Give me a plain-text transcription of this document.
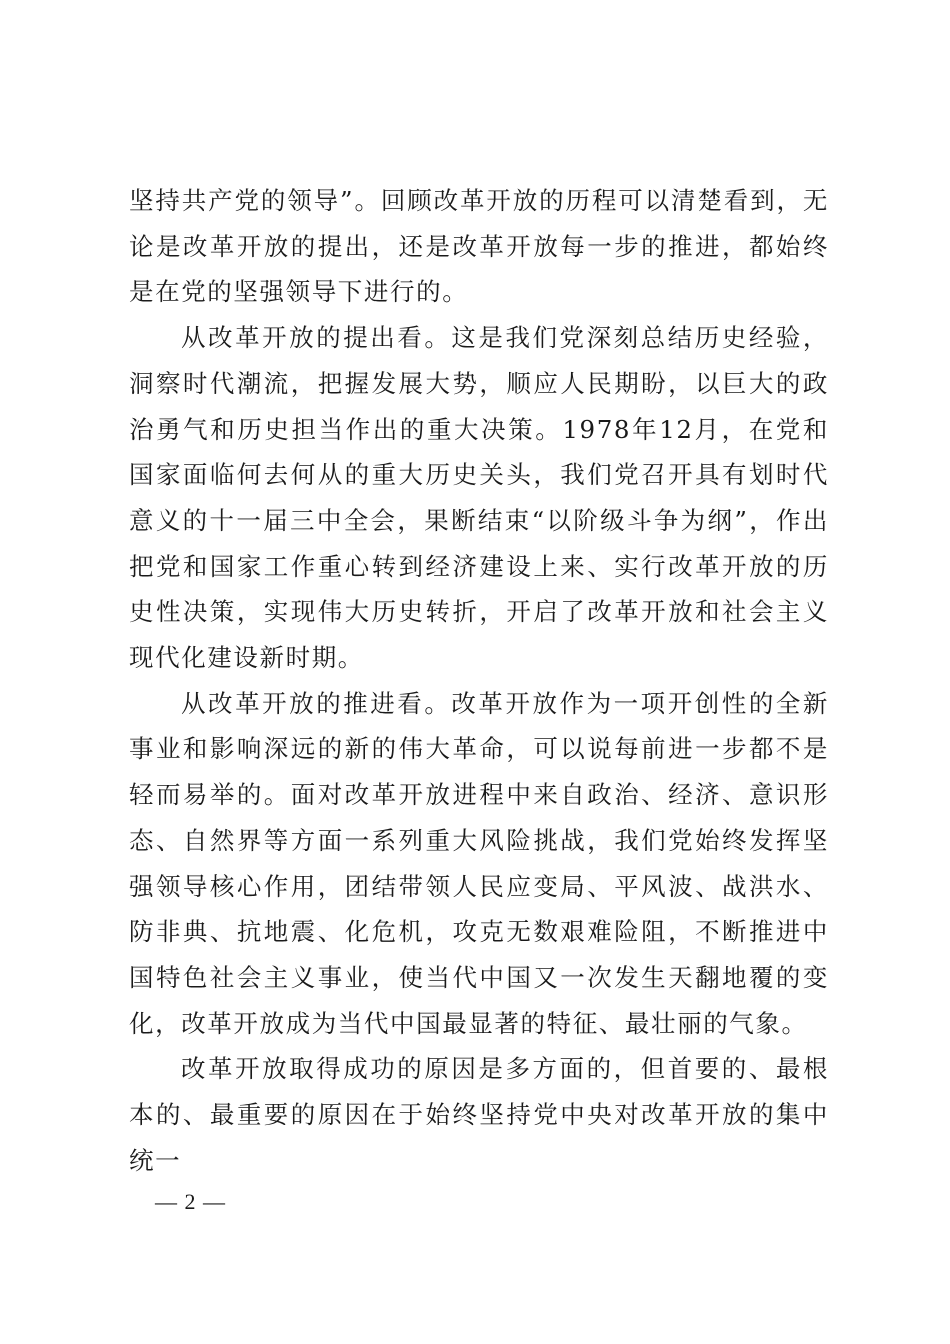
坚持共产党的领导”。回顾改革开放的历程可以清楚看到，无论是改革开放的提出，还是改革开放每一步的推进，都始终是在党的坚强领导下进行的。

从改革开放的提出看。这是我们党深刻总结历史经验，洞察时代潮流，把握发展大势，顺应人民期盼，以巨大的政治勇气和历史担当作出的重大决策。1978年12月，在党和国家面临何去何从的重大历史关头，我们党召开具有划时代意义的十一届三中全会，果断结束“以阶级斗争为纲”，作出把党和国家工作重心转到经济建设上来、实行改革开放的历史性决策，实现伟大历史转折，开启了改革开放和社会主义现代化建设新时期。

从改革开放的推进看。改革开放作为一项开创性的全新事业和影响深远的新的伟大革命，可以说每前进一步都不是轻而易举的。面对改革开放进程中来自政治、经济、意识形态、自然界等方面一系列重大风险挑战，我们党始终发挥坚强领导核心作用，团结带领人民应变局、平风波、战洪水、防非典、抗地震、化危机，攻克无数艰难险阻，不断推进中国特色社会主义事业，使当代中国又一次发生天翻地覆的变化，改革开放成为当代中国最显著的特征、最壮丽的气象。

改革开放取得成功的原因是多方面的，但首要的、最根本的、最重要的原因在于始终坚持党中央对改革开放的集中统一

— 2 —
